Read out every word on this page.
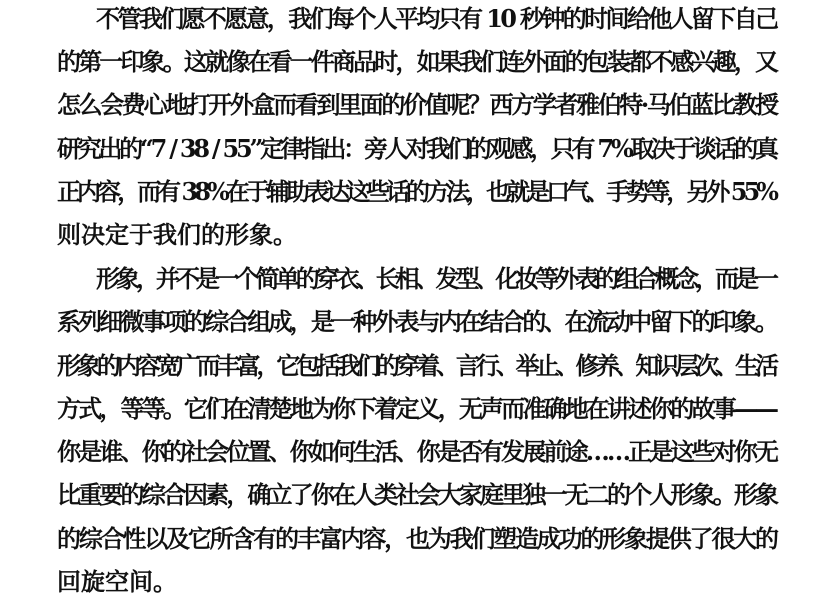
不管我们愿不愿意，我们每个人平均只有 10 秒钟的时间给他人留下自己
的第一印象。这就像在看一件商品时，如果我们连外面的包装都不感兴趣，又
怎么会费心地打开外盒而看到里面的价值呢？西方学者雅伯特·马伯蓝比教授
研究出的“7 / 38 / 55”定律指出：旁人对我们的观感，只有 7%取决于谈话的真
正内容，而有 38%在于辅助表达这些话的方法，也就是口气、手势等，另外 55%
则决定于我们的形象。
形象，并不是一个简单的穿衣、长相、发型、化妆等外表的组合概念，而是一
系列细微事项的综合组成，是一种外表与内在结合的、在流动中留下的印象。
形象的内容宽广而丰富，它包括我们的穿着、言行、举止、修养、知识层次、生活
方式，等等。它们在清楚地为你下着定义，无声而准确地在讲述你的故事——
你是谁、你的社会位置、你如何生活、你是否有发展前途……正是这些对你无
比重要的综合因素，确立了你在人类社会大家庭里独一无二的个人形象。形象
的综合性以及它所含有的丰富内容，也为我们塑造成功的形象提供了很大的
回旋空间。
